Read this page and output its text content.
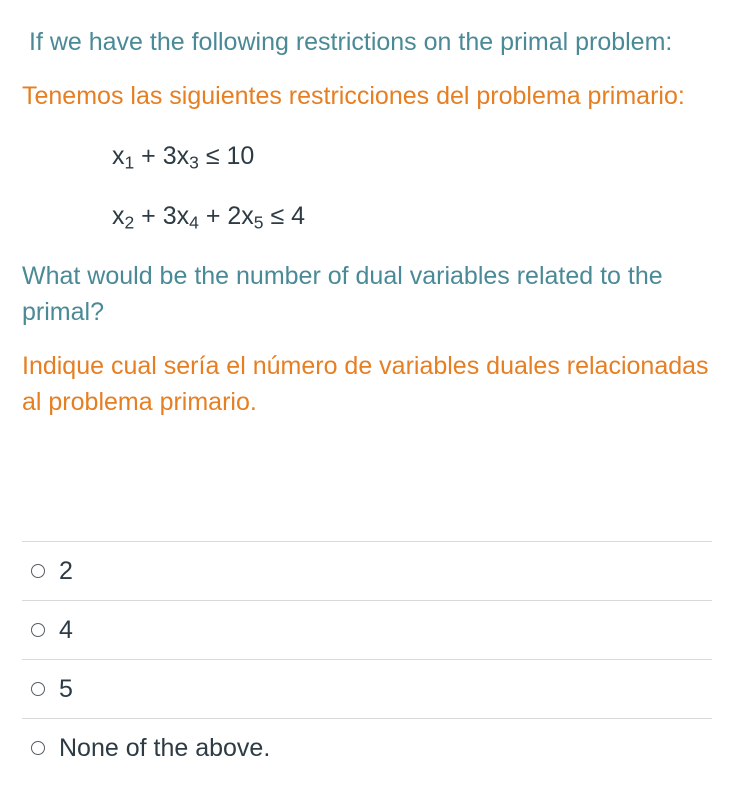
If we have the following restrictions on the primal problem:

Tenemos las siguientes restricciones del problema primario:

$x_1 + 3x_3 \le 10$

$x_2 + 3x_4 + 2x_5 \le 4$

What would be the number of dual variables related to the primal?

Indique cual sería el número de variables duales relacionadas al problema primario.

2
4
5
None of the above.
